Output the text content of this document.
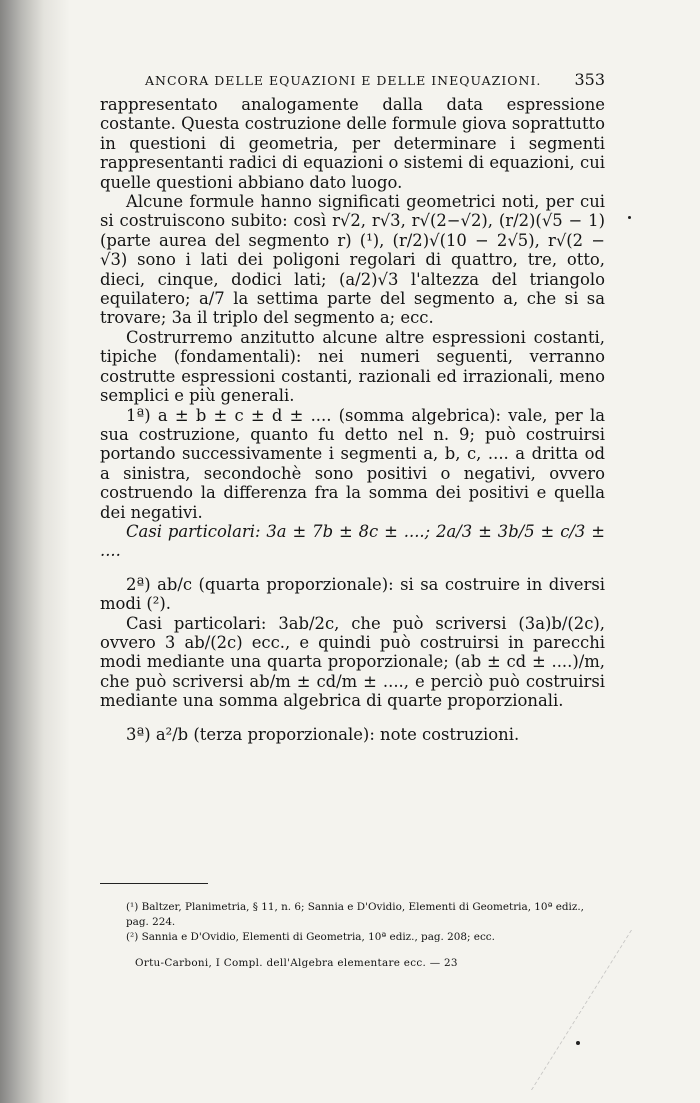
ANCORA DELLE EQUAZIONI E DELLE INEQUAZIONI. 353

rappresentato analogamente dalla data espressione costante. Questa costruzione delle formule giova soprattutto in questioni di geometria, per determinare i segmenti rappresentanti radici di equazioni o sistemi di equazioni, cui quelle questioni abbiano dato luogo.

Alcune formule hanno significati geometrici noti, per cui si costruiscono subito: così r√2, r√3, r√(2−√2), (r/2)(√5 − 1) (parte aurea del segmento r) (¹), (r/2)√(10 − 2√5), r√(2 − √3) sono i lati dei poligoni regolari di quattro, tre, otto, dieci, cinque, dodici lati; (a/2)√3 l'altezza del triangolo equilatero; a/7 la settima parte del segmento a, che si sa trovare; 3a il triplo del segmento a; ecc.

Costrurremo anzitutto alcune altre espressioni costanti, tipiche (fondamentali): nei numeri seguenti, verranno costrutte espressioni costanti, razionali ed irrazionali, meno semplici e più generali.

1ª) a ± b ± c ± d ± .... (somma algebrica): vale, per la sua costruzione, quanto fu detto nel n. 9; può costruirsi portando successivamente i segmenti a, b, c, .... a dritta od a sinistra, secondochè sono positivi o negativi, ovvero costruendo la differenza fra la somma dei positivi e quella dei negativi.

Casi particolari: 3a ± 7b ± 8c ± ....; 2a/3 ± 3b/5 ± c/3 ± ....

2ª) ab/c (quarta proporzionale): si sa costruire in diversi modi (²).

Casi particolari: 3ab/2c, che può scriversi (3a)b/(2c), ovvero 3 ab/(2c) ecc., e quindi può costruirsi in parecchi modi mediante una quarta proporzionale; (ab ± cd ± ....)/m, che può scriversi ab/m ± cd/m ± ...., e perciò può costruirsi mediante una somma algebrica di quarte proporzionali.

3ª) a²/b (terza proporzionale): note costruzioni.

(¹) Baltzer, Planimetria, § 11, n. 6; Sannia e D'Ovidio, Elementi di Geometria, 10ª ediz., pag. 224.

(²) Sannia e D'Ovidio, Elementi di Geometria, 10ª ediz., pag. 208; ecc.

Ortu-Carboni, I Compl. dell'Algebra elementare ecc. — 23
